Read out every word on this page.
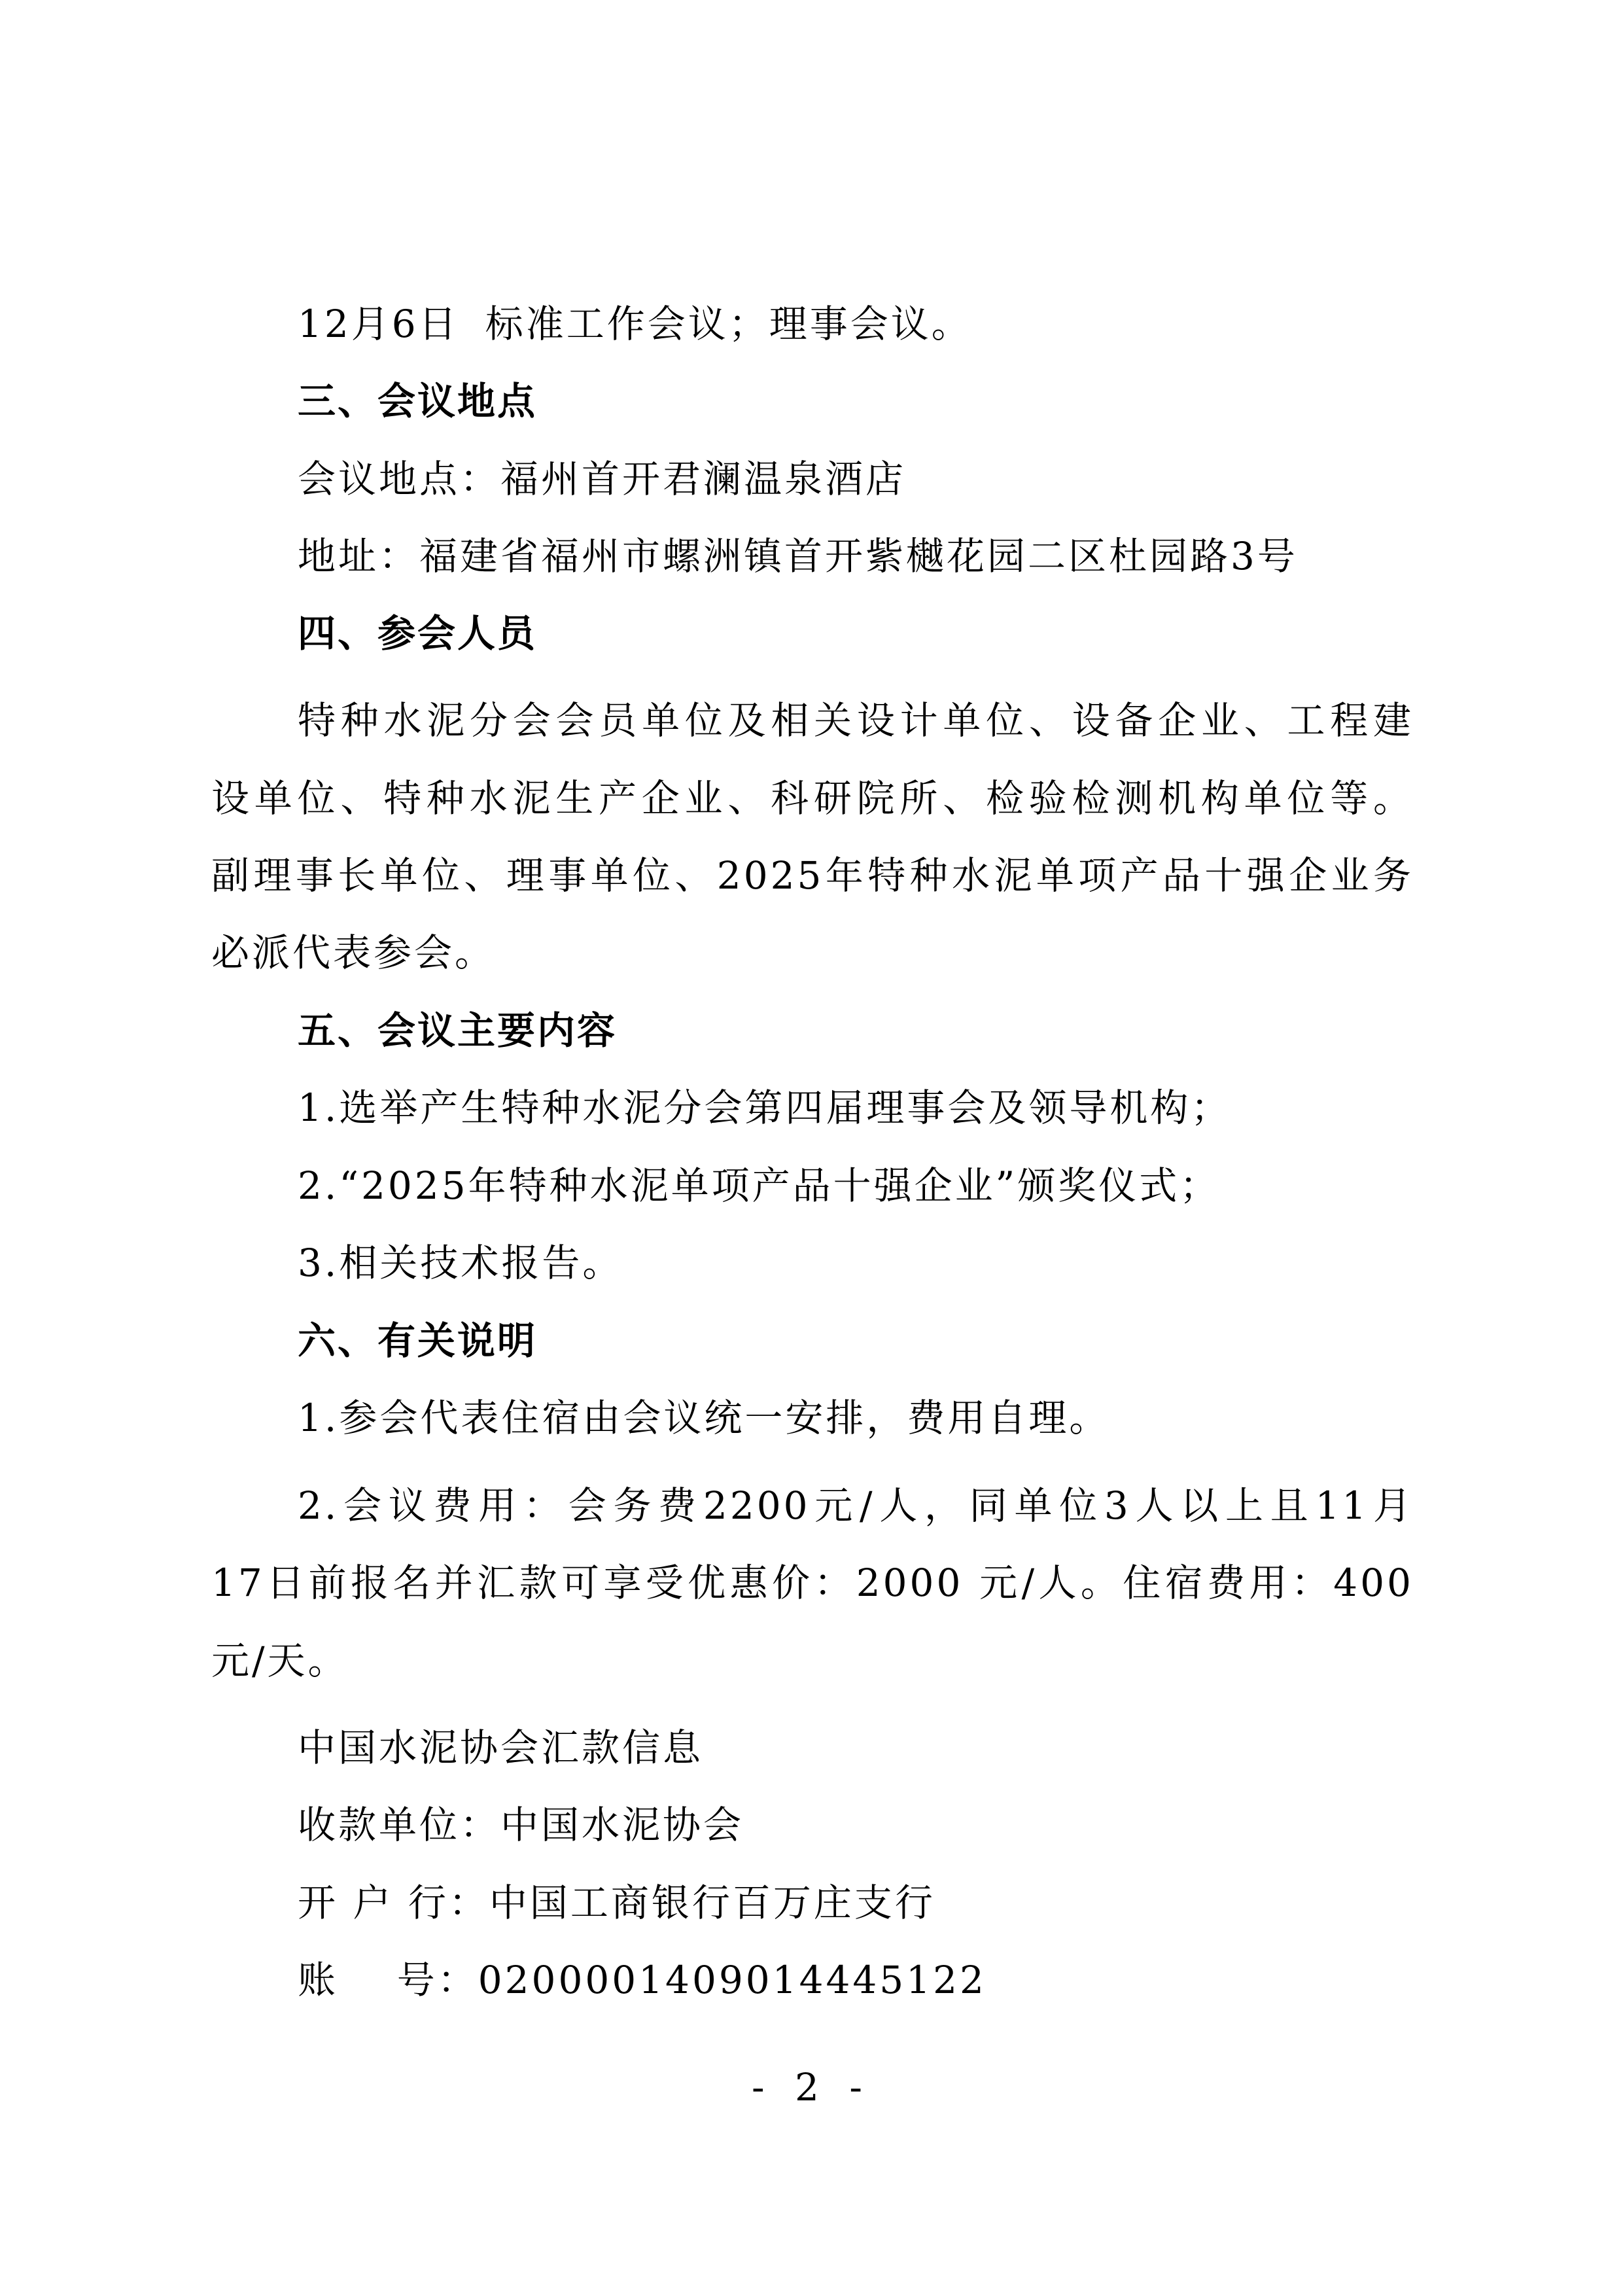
12月6日 标准工作会议；理事会议。
三、会议地点
会议地点：福州首开君澜温泉酒店
地址：福建省福州市螺洲镇首开紫樾花园二区杜园路3号
四、参会人员
特种水泥分会会员单位及相关设计单位、设备企业、工程建
设单位、特种水泥生产企业、科研院所、检验检测机构单位等。
副理事长单位、理事单位、2025年特种水泥单项产品十强企业务
必派代表参会。
五、会议主要内容
1.选举产生特种水泥分会第四届理事会及领导机构；
2.“2025年特种水泥单项产品十强企业”颁奖仪式；
3.相关技术报告。
六、有关说明
1.参会代表住宿由会议统一安排，费用自理。
2.会议费用：会务费2200元/人，同单位3人以上且11月
17日前报名并汇款可享受优惠价：2000 元/人。住宿费用：400
元/天。
中国水泥协会汇款信息
收款单位：中国水泥协会
开 户 行：中国工商银行百万庄支行
账    号：0200001409014445122
- 2 -
